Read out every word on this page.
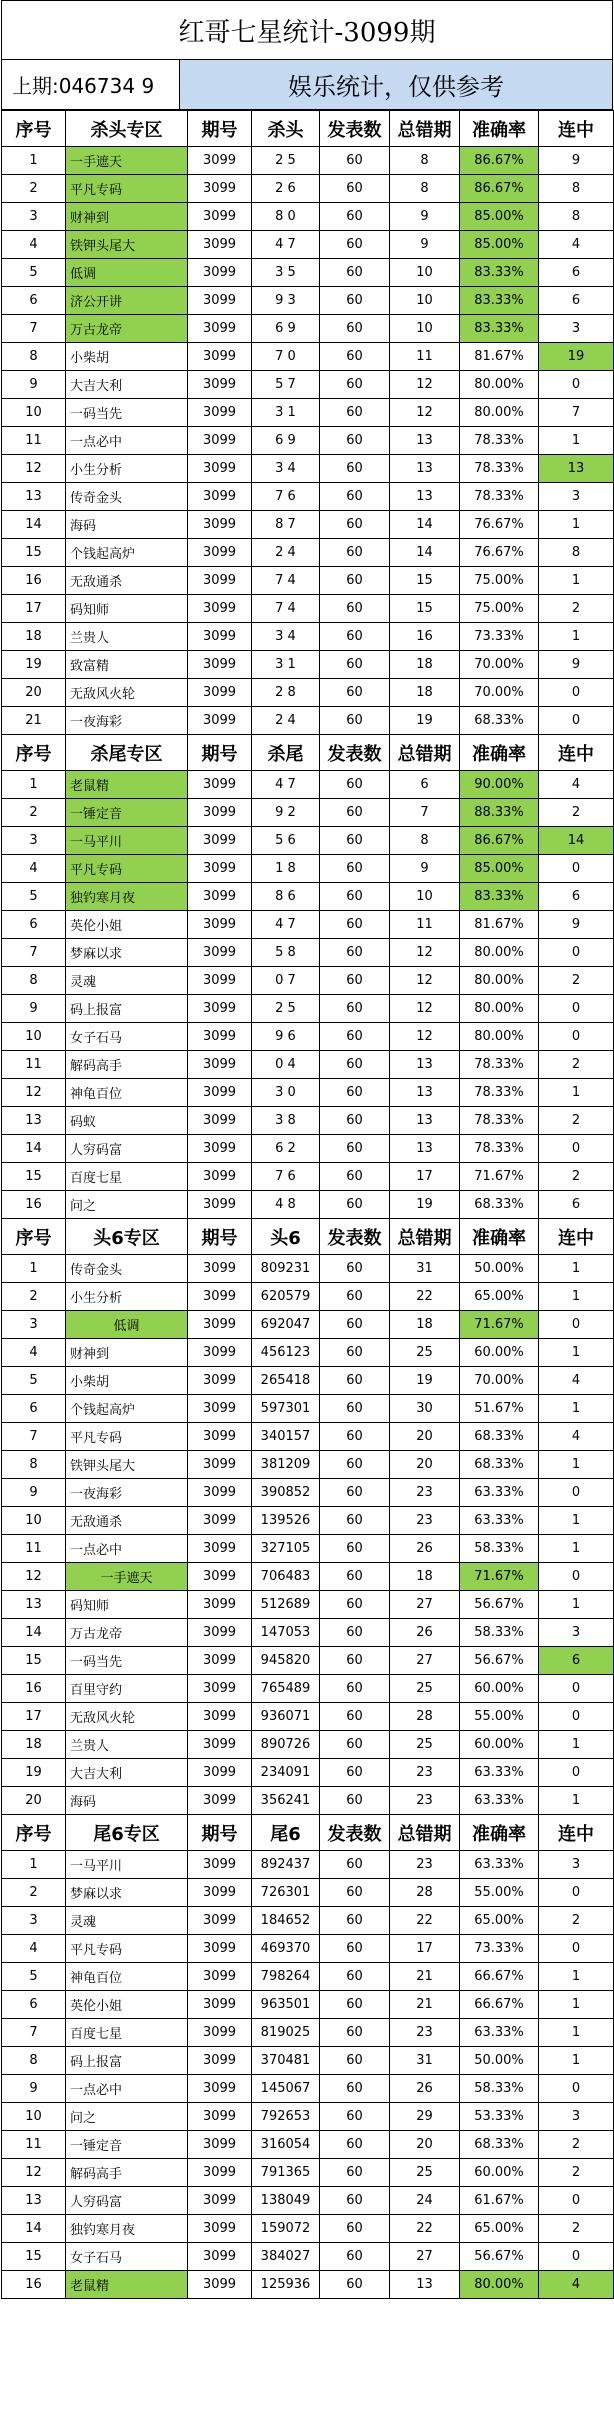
红哥七星统计-3099期
上期:046734 9	娱乐统计，仅供参考
序号	杀头专区	期号	杀头	发表数	总错期	准确率	连中
1	一手遮天	3099	2 5	60	8	86.67%	9
2	平凡专码	3099	2 6	60	8	86.67%	8
3	财神到	3099	8 0	60	9	85.00%	8
4	铁钾头尾大	3099	4 7	60	9	85.00%	4
5	低调	3099	3 5	60	10	83.33%	6
6	济公开讲	3099	9 3	60	10	83.33%	6
7	万古龙帝	3099	6 9	60	10	83.33%	3
8	小柴胡	3099	7 0	60	11	81.67%	19
9	大吉大利	3099	5 7	60	12	80.00%	0
10	一码当先	3099	3 1	60	12	80.00%	7
11	一点必中	3099	6 9	60	13	78.33%	1
12	小生分析	3099	3 4	60	13	78.33%	13
13	传奇金头	3099	7 6	60	13	78.33%	3
14	海码	3099	8 7	60	14	76.67%	1
15	个钱起高炉	3099	2 4	60	14	76.67%	8
16	无敌通杀	3099	7 4	60	15	75.00%	1
17	码知师	3099	7 4	60	15	75.00%	2
18	兰贵人	3099	3 4	60	16	73.33%	1
19	致富精	3099	3 1	60	18	70.00%	9
20	无敌风火轮	3099	2 8	60	18	70.00%	0
21	一夜海彩	3099	2 4	60	19	68.33%	0
序号	杀尾专区	期号	杀尾	发表数	总错期	准确率	连中
1	老鼠精	3099	4 7	60	6	90.00%	4
2	一锤定音	3099	9 2	60	7	88.33%	2
3	一马平川	3099	5 6	60	8	86.67%	14
4	平凡专码	3099	1 8	60	9	85.00%	0
5	独钓寒月夜	3099	8 6	60	10	83.33%	6
6	英伦小姐	3099	4 7	60	11	81.67%	9
7	梦麻以求	3099	5 8	60	12	80.00%	0
8	灵魂	3099	0 7	60	12	80.00%	2
9	码上报富	3099	2 5	60	12	80.00%	0
10	女子石马	3099	9 6	60	12	80.00%	0
11	解码高手	3099	0 4	60	13	78.33%	2
12	神龟百位	3099	3 0	60	13	78.33%	1
13	码蚁	3099	3 8	60	13	78.33%	2
14	人穷码富	3099	6 2	60	13	78.33%	0
15	百度七星	3099	7 6	60	17	71.67%	2
16	问之	3099	4 8	60	19	68.33%	6
序号	头6专区	期号	头6	发表数	总错期	准确率	连中
1	传奇金头	3099	809231	60	31	50.00%	1
2	小生分析	3099	620579	60	22	65.00%	1
3	低调	3099	692047	60	18	71.67%	0
4	财神到	3099	456123	60	25	60.00%	1
5	小柴胡	3099	265418	60	19	70.00%	4
6	个钱起高炉	3099	597301	60	30	51.67%	1
7	平凡专码	3099	340157	60	20	68.33%	4
8	铁钾头尾大	3099	381209	60	20	68.33%	1
9	一夜海彩	3099	390852	60	23	63.33%	0
10	无敌通杀	3099	139526	60	23	63.33%	1
11	一点必中	3099	327105	60	26	58.33%	1
12	一手遮天	3099	706483	60	18	71.67%	0
13	码知师	3099	512689	60	27	56.67%	1
14	万古龙帝	3099	147053	60	26	58.33%	3
15	一码当先	3099	945820	60	27	56.67%	6
16	百里守约	3099	765489	60	25	60.00%	0
17	无敌风火轮	3099	936071	60	28	55.00%	0
18	兰贵人	3099	890726	60	25	60.00%	1
19	大吉大利	3099	234091	60	23	63.33%	0
20	海码	3099	356241	60	23	63.33%	1
序号	尾6专区	期号	尾6	发表数	总错期	准确率	连中
1	一马平川	3099	892437	60	23	63.33%	3
2	梦麻以求	3099	726301	60	28	55.00%	0
3	灵魂	3099	184652	60	22	65.00%	2
4	平凡专码	3099	469370	60	17	73.33%	0
5	神龟百位	3099	798264	60	21	66.67%	1
6	英伦小姐	3099	963501	60	21	66.67%	1
7	百度七星	3099	819025	60	23	63.33%	1
8	码上报富	3099	370481	60	31	50.00%	1
9	一点必中	3099	145067	60	26	58.33%	0
10	问之	3099	792653	60	29	53.33%	3
11	一锤定音	3099	316054	60	20	68.33%	2
12	解码高手	3099	791365	60	25	60.00%	2
13	人穷码富	3099	138049	60	24	61.67%	0
14	独钓寒月夜	3099	159072	60	22	65.00%	2
15	女子石马	3099	384027	60	27	56.67%	0
16	老鼠精	3099	125936	60	13	80.00%	4
